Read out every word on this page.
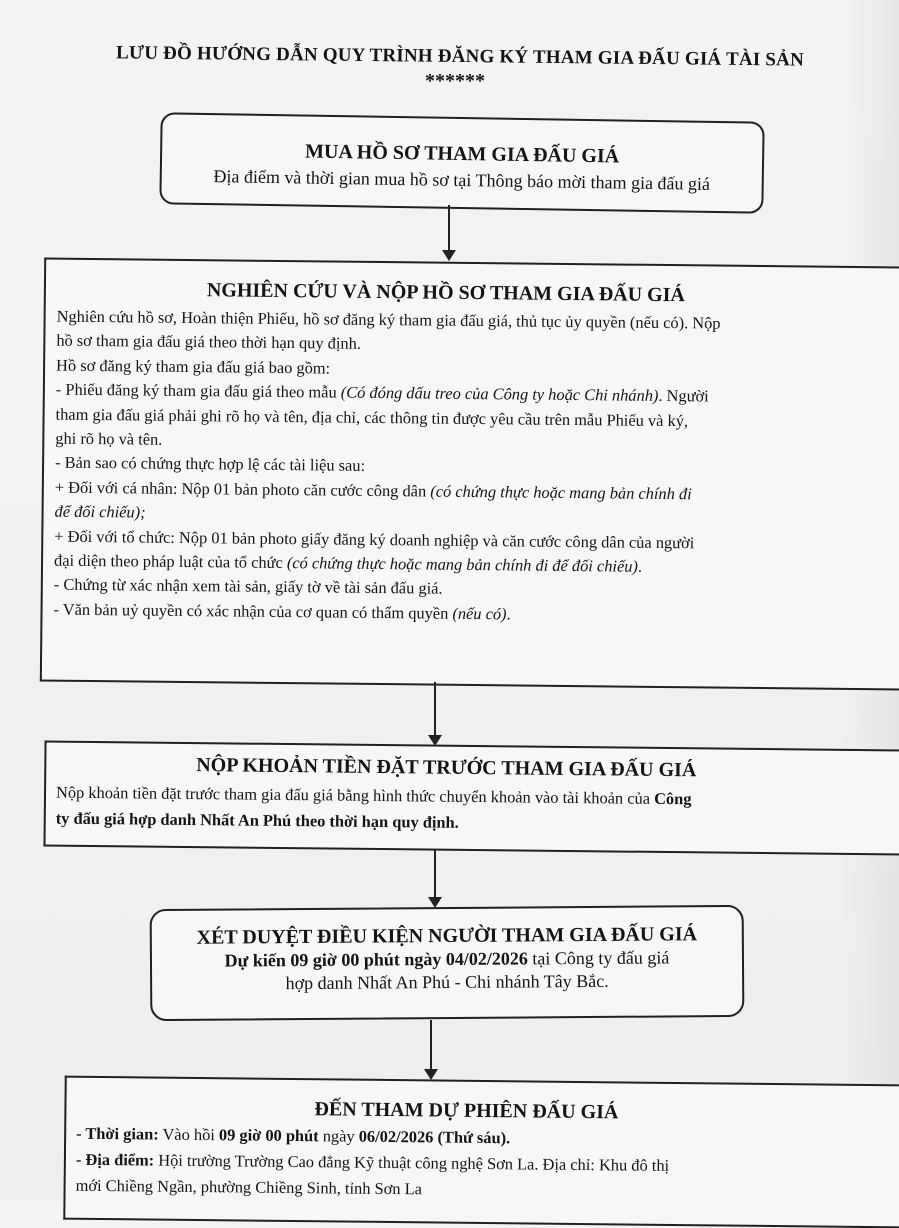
LƯU ĐỒ HƯỚNG DẪN QUY TRÌNH ĐĂNG KÝ THAM GIA ĐẤU GIÁ TÀI SẢN
******
MUA HỒ SƠ THAM GIA ĐẤU GIÁ
Địa điểm và thời gian mua hồ sơ tại Thông báo mời tham gia đấu giá
NGHIÊN CỨU VÀ NỘP HỒ SƠ THAM GIA ĐẤU GIÁ

Nghiên cứu hồ sơ, Hoàn thiện Phiếu, hồ sơ đăng ký tham gia đấu giá, thủ tục ủy quyền (nếu có). Nộp

hồ sơ tham gia đấu giá theo thời hạn quy định.

Hồ sơ đăng ký tham gia đấu giá bao gồm:

- Phiếu đăng ký tham gia đấu giá theo mẫu (Có đóng dấu treo của Công ty hoặc Chi nhánh). Người

tham gia đấu giá phải ghi rõ họ và tên, địa chỉ, các thông tin được yêu cầu trên mẫu Phiếu và ký,

ghi rõ họ và tên.

- Bản sao có chứng thực hợp lệ các tài liệu sau:

+ Đối với cá nhân: Nộp 01 bản photo căn cước công dân (có chứng thực hoặc mang bản chính đi

để đối chiếu);

+ Đối với tổ chức: Nộp 01 bản photo giấy đăng ký doanh nghiệp và căn cước công dân của người

đại diện theo pháp luật của tổ chức (có chứng thực hoặc mang bản chính đi để đối chiếu).

- Chứng từ xác nhận xem tài sản, giấy tờ về tài sản đấu giá.

- Văn bản uỷ quyền có xác nhận của cơ quan có thẩm quyền (nếu có).

NỘP KHOẢN TIỀN ĐẶT TRƯỚC THAM GIA ĐẤU GIÁ

Nộp khoản tiền đặt trước tham gia đấu giá bằng hình thức chuyển khoản vào tài khoản của Công

ty đấu giá hợp danh Nhất An Phú theo thời hạn quy định.

XÉT DUYỆT ĐIỀU KIỆN NGƯỜI THAM GIA ĐẤU GIÁ
Dự kiến 09 giờ 00 phút ngày 04/02/2026 tại Công ty đấu giá
hợp danh Nhất An Phú - Chi nhánh Tây Bắc.
ĐẾN THAM DỰ PHIÊN ĐẤU GIÁ

- Thời gian: Vào hồi 09 giờ 00 phút ngày 06/02/2026 (Thứ sáu).

- Địa điểm: Hội trường Trường Cao đẳng Kỹ thuật công nghệ Sơn La. Địa chỉ: Khu đô thị

mới Chiềng Ngần, phường Chiềng Sinh, tỉnh Sơn La
